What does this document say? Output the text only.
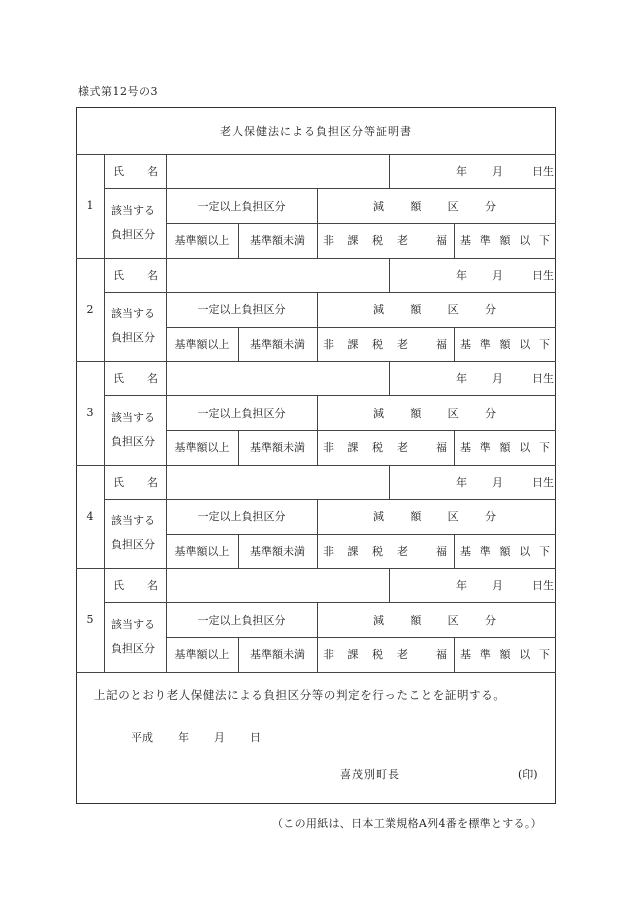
様式第12号の3
老人保健法による負担区分等証明書
1
氏 名	年 月	日生
該当する
負担区分
一定以上負担区分	減 額 区 分
基準額以上	基準額未満	非 課 税 老	福 基 準 額 以 下
2
氏 名	年 月	日生
該当する
負担区分
一定以上負担区分	減 額 区 分
基準額以上	基準額未満	非 課 税 老	福 基 準 額 以 下
3
氏 名	年 月	日生
該当する
負担区分
一定以上負担区分	減 額 区 分
基準額以上	基準額未満	非 課 税 老	福 基 準 額 以 下
4
氏 名	年 月	日生
該当する
負担区分
一定以上負担区分	減 額 区 分
基準額以上	基準額未満	非 課 税 老	福 基 準 額 以 下
5
氏 名	年 月	日生
該当する
負担区分
一定以上負担区分	減 額 区 分
基準額以上	基準額未満	非 課 税 老	福 基 準 額 以 下
上記のとおり老人保健法による負担区分等の判定を行ったことを証明する。
平成 年 月 日
喜茂別町長	(印)
（この用紙は、日本工業規格A列4番を標準とする。）
